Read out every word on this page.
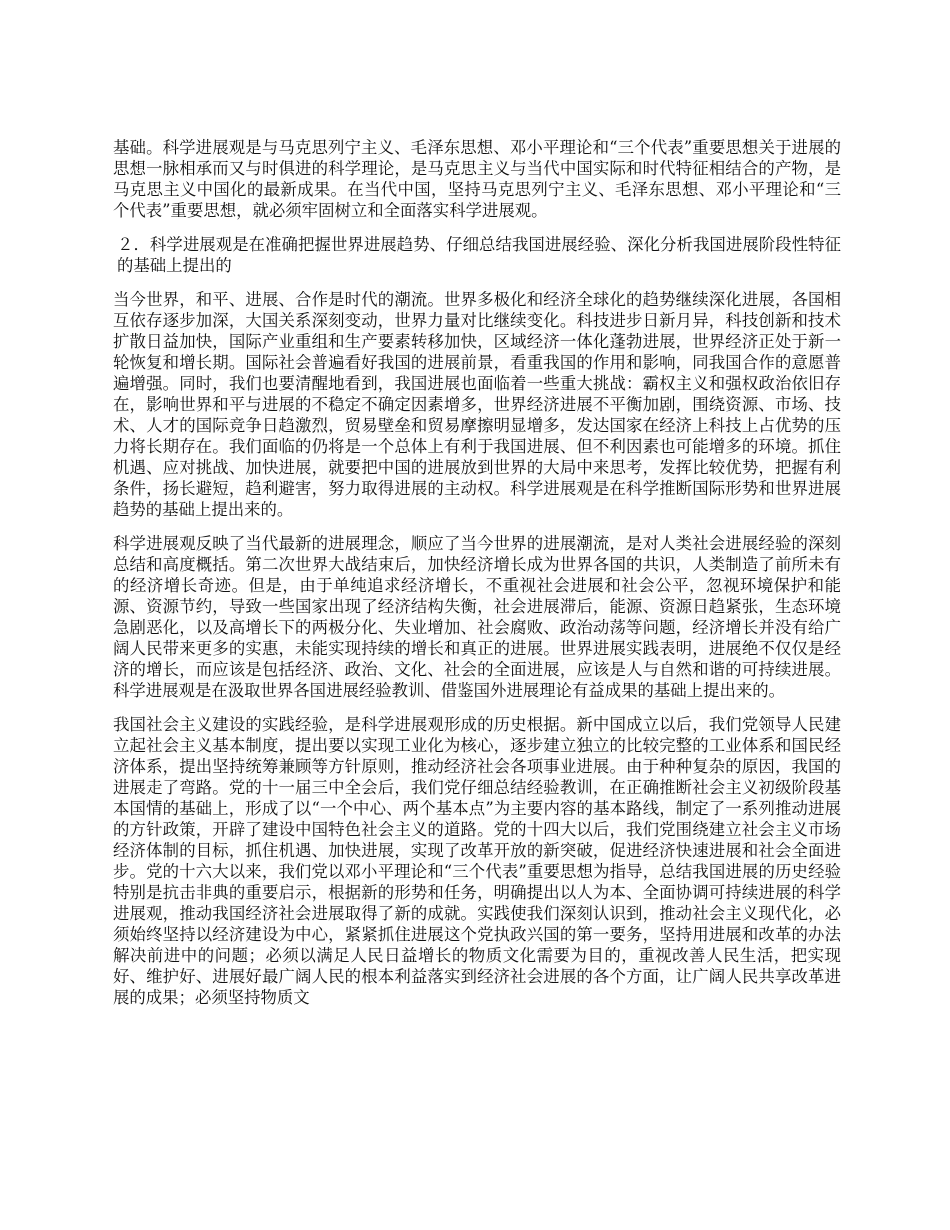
基础。科学进展观是与马克思列宁主义、毛泽东思想、邓小平理论和“三个代表”重要思想关于进展的思想一脉相承而又与时俱进的科学理论，是马克思主义与当代中国实际和时代特征相结合的产物，是马克思主义中国化的最新成果。在当代中国，坚持马克思列宁主义、毛泽东思想、邓小平理论和“三个代表”重要思想，就必须牢固树立和全面落实科学进展观。

２．科学进展观是在准确把握世界进展趋势、仔细总结我国进展经验、深化分析我国进展阶段性特征的基础上提出的

当今世界，和平、进展、合作是时代的潮流。世界多极化和经济全球化的趋势继续深化进展，各国相互依存逐步加深，大国关系深刻变动，世界力量对比继续变化。科技进步日新月异，科技创新和技术扩散日益加快，国际产业重组和生产要素转移加快，区域经济一体化蓬勃进展，世界经济正处于新一轮恢复和增长期。国际社会普遍看好我国的进展前景，看重我国的作用和影响，同我国合作的意愿普遍增强。同时，我们也要清醒地看到，我国进展也面临着一些重大挑战：霸权主义和强权政治依旧存在，影响世界和平与进展的不稳定不确定因素增多，世界经济进展不平衡加剧，围绕资源、市场、技术、人才的国际竞争日趋激烈，贸易壁垒和贸易摩擦明显增多，发达国家在经济上科技上占优势的压力将长期存在。我们面临的仍将是一个总体上有利于我国进展、但不利因素也可能增多的环境。抓住机遇、应对挑战、加快进展，就要把中国的进展放到世界的大局中来思考，发挥比较优势，把握有利条件，扬长避短，趋利避害，努力取得进展的主动权。科学进展观是在科学推断国际形势和世界进展趋势的基础上提出来的。

科学进展观反映了当代最新的进展理念，顺应了当今世界的进展潮流，是对人类社会进展经验的深刻总结和高度概括。第二次世界大战结束后，加快经济增长成为世界各国的共识，人类制造了前所未有的经济增长奇迹。但是，由于单纯追求经济增长，不重视社会进展和社会公平，忽视环境保护和能源、资源节约，导致一些国家出现了经济结构失衡，社会进展滞后，能源、资源日趋紧张，生态环境急剧恶化，以及高增长下的两极分化、失业增加、社会腐败、政治动荡等问题，经济增长并没有给广阔人民带来更多的实惠，未能实现持续的增长和真正的进展。世界进展实践表明，进展绝不仅仅是经济的增长，而应该是包括经济、政治、文化、社会的全面进展，应该是人与自然和谐的可持续进展。科学进展观是在汲取世界各国进展经验教训、借鉴国外进展理论有益成果的基础上提出来的。

我国社会主义建设的实践经验，是科学进展观形成的历史根据。新中国成立以后，我们党领导人民建立起社会主义基本制度，提出要以实现工业化为核心，逐步建立独立的比较完整的工业体系和国民经济体系，提出坚持统筹兼顾等方针原则，推动经济社会各项事业进展。由于种种复杂的原因，我国的进展走了弯路。党的十一届三中全会后，我们党仔细总结经验教训，在正确推断社会主义初级阶段基本国情的基础上，形成了以“一个中心、两个基本点”为主要内容的基本路线，制定了一系列推动进展的方针政策，开辟了建设中国特色社会主义的道路。党的十四大以后，我们党围绕建立社会主义市场经济体制的目标，抓住机遇、加快进展，实现了改革开放的新突破，促进经济快速进展和社会全面进步。党的十六大以来，我们党以邓小平理论和“三个代表”重要思想为指导，总结我国进展的历史经验特别是抗击非典的重要启示，根据新的形势和任务，明确提出以人为本、全面协调可持续进展的科学进展观，推动我国经济社会进展取得了新的成就。实践使我们深刻认识到，推动社会主义现代化，必须始终坚持以经济建设为中心，紧紧抓住进展这个党执政兴国的第一要务，坚持用进展和改革的办法解决前进中的问题；必须以满足人民日益增长的物质文化需要为目的，重视改善人民生活，把实现好、维护好、进展好最广阔人民的根本利益落实到经济社会进展的各个方面，让广阔人民共享改革进展的成果；必须坚持物质文
